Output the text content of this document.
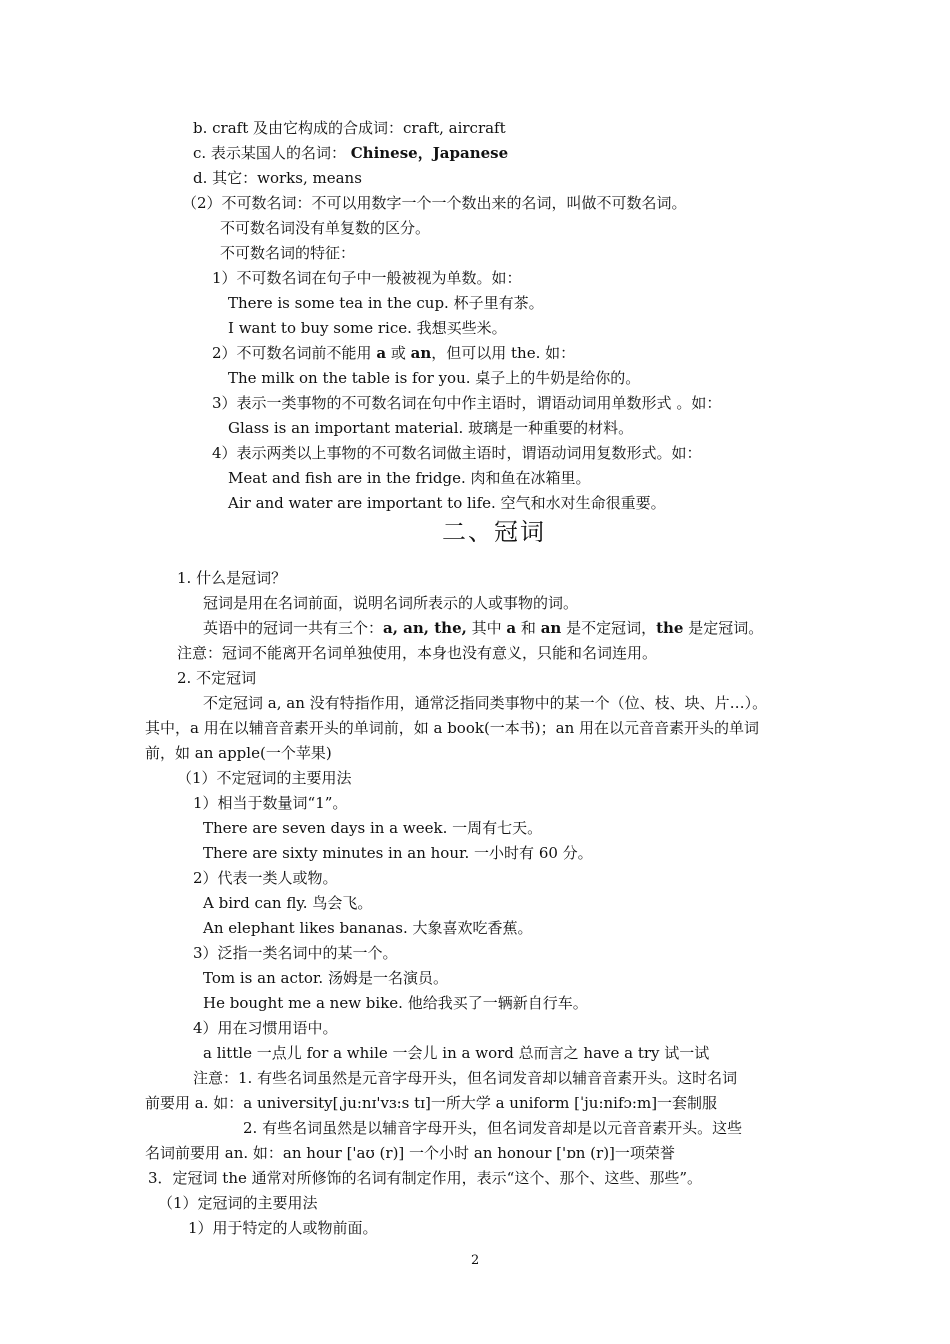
b. craft 及由它构成的合成词：craft, aircraft
c. 表示某国人的名词： Chinese，Japanese
d. 其它：works, means
（2）不可数名词：不可以用数字一个一个数出来的名词，叫做不可数名词。
不可数名词没有单复数的区分。
不可数名词的特征：
1）不可数名词在句子中一般被视为单数。如：
There is some tea in the cup. 杯子里有茶。
I want to buy some rice. 我想买些米。
2）不可数名词前不能用 a 或 an，但可以用 the. 如：
The milk on the table is for you. 桌子上的牛奶是给你的。
3）表示一类事物的不可数名词在句中作主语时，谓语动词用单数形式 。如：
Glass is an important material. 玻璃是一种重要的材料。
4）表示两类以上事物的不可数名词做主语时，谓语动词用复数形式。如：
Meat and fish are in the fridge. 肉和鱼在冰箱里。
Air and water are important to life. 空气和水对生命很重要。
二、冠词
1. 什么是冠词？
冠词是用在名词前面，说明名词所表示的人或事物的词。
英语中的冠词一共有三个：a, an, the, 其中 a 和 an 是不定冠词，the 是定冠词。
注意：冠词不能离开名词单独使用，本身也没有意义，只能和名词连用。
2. 不定冠词
不定冠词 a, an 没有特指作用，通常泛指同类事物中的某一个（位、枝、块、片…）。
其中，a 用在以辅音音素开头的单词前，如 a book(一本书)；an 用在以元音音素开头的单词
前，如 an apple(一个苹果)
（1）不定冠词的主要用法
1）相当于数量词“1”。
There are seven days in a week. 一周有七天。
There are sixty minutes in an hour. 一小时有 60 分。
2）代表一类人或物。
A bird can fly. 鸟会飞。
An elephant likes bananas. 大象喜欢吃香蕉。
3）泛指一类名词中的某一个。
Tom is an actor. 汤姆是一名演员。
He bought me a new bike. 他给我买了一辆新自行车。
4）用在习惯用语中。
a little 一点儿 for a while 一会儿 in a word 总而言之 have a try 试一试
注意：1. 有些名词虽然是元音字母开头，但名词发音却以辅音音素开头。这时名词
前要用 a. 如：a university[ˌju:nɪ'vɜ:s tɪ]一所大学 a uniform [ˈju:nifɔ:m]一套制服
2. 有些名词虽然是以辅音字母开头，但名词发音却是以元音音素开头。这些
名词前要用 an. 如：an hour ['aʊ (r)] 一个小时 an honour ['ɒn (r)]一项荣誉
3．定冠词 the 通常对所修饰的名词有制定作用，表示“这个、那个、这些、那些”。
（1）定冠词的主要用法
1）用于特定的人或物前面。
2
